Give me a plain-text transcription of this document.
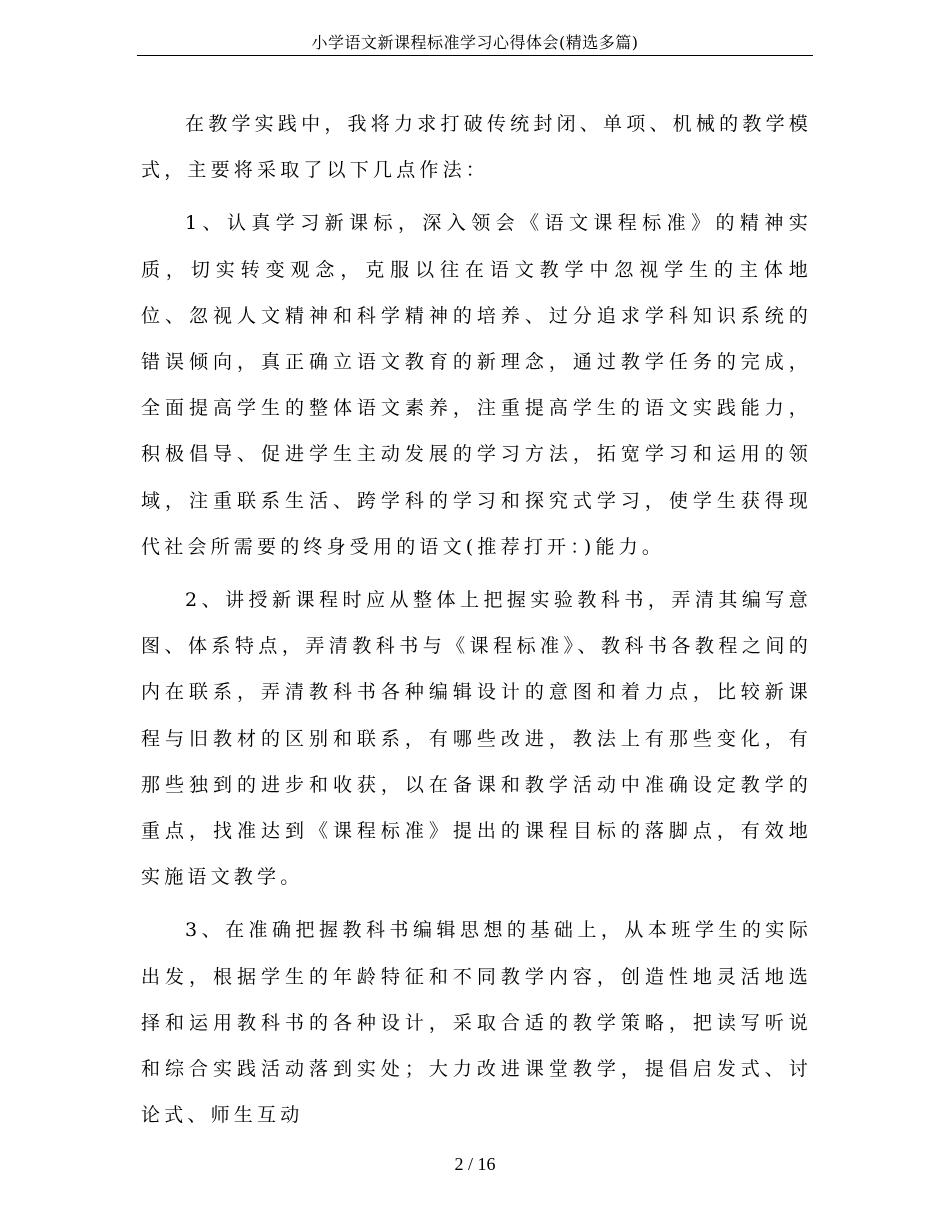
小学语文新课程标准学习心得体会(精选多篇)

在教学实践中，我将力求打破传统封闭、单项、机械的教学模式，主要将采取了以下几点作法：

1、认真学习新课标，深入领会《语文课程标准》的精神实质，切实转变观念，克服以往在语文教学中忽视学生的主体地位、忽视人文精神和科学精神的培养、过分追求学科知识系统的错误倾向，真正确立语文教育的新理念，通过教学任务的完成，全面提高学生的整体语文素养，注重提高学生的语文实践能力，积极倡导、促进学生主动发展的学习方法，拓宽学习和运用的领域，注重联系生活、跨学科的学习和探究式学习，使学生获得现代社会所需要的终身受用的语文(推荐打开：)能力。

2、讲授新课程时应从整体上把握实验教科书，弄清其编写意图、体系特点，弄清教科书与《课程标准》、教科书各教程之间的内在联系，弄清教科书各种编辑设计的意图和着力点，比较新课程与旧教材的区别和联系，有哪些改进，教法上有那些变化，有那些独到的进步和收获，以在备课和教学活动中准确设定教学的重点，找准达到《课程标准》提出的课程目标的落脚点，有效地实施语文教学。

3、在准确把握教科书编辑思想的基础上，从本班学生的实际出发，根据学生的年龄特征和不同教学内容，创造性地灵活地选择和运用教科书的各种设计，采取合适的教学策略，把读写听说和综合实践活动落到实处；大力改进课堂教学，提倡启发式、讨论式、师生互动

2 / 16
